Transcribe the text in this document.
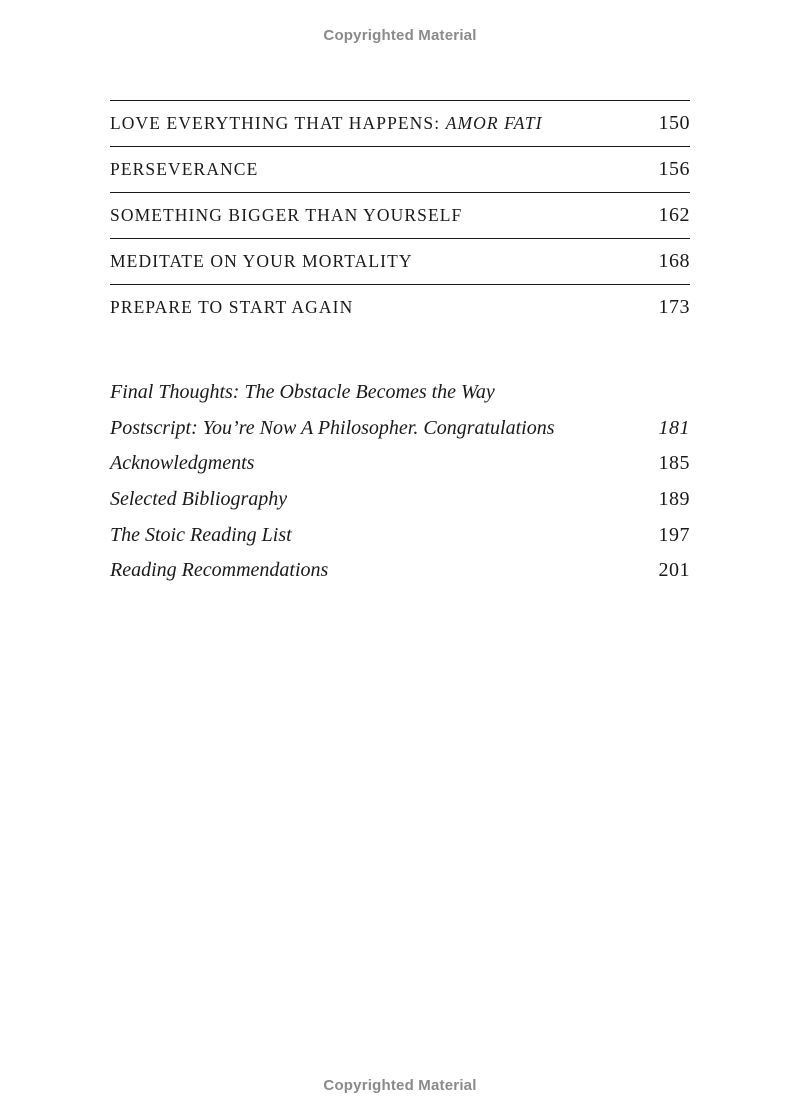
Copyrighted Material
LOVE EVERYTHING THAT HAPPENS: AMOR FATI	150
PERSEVERANCE	156
SOMETHING BIGGER THAN YOURSELF	162
MEDITATE ON YOUR MORTALITY	168
PREPARE TO START AGAIN	173
Final Thoughts: The Obstacle Becomes the Way
Postscript: You’re Now A Philosopher. Congratulations	181
Acknowledgments	185
Selected Bibliography	189
The Stoic Reading List	197
Reading Recommendations	201
Copyrighted Material
